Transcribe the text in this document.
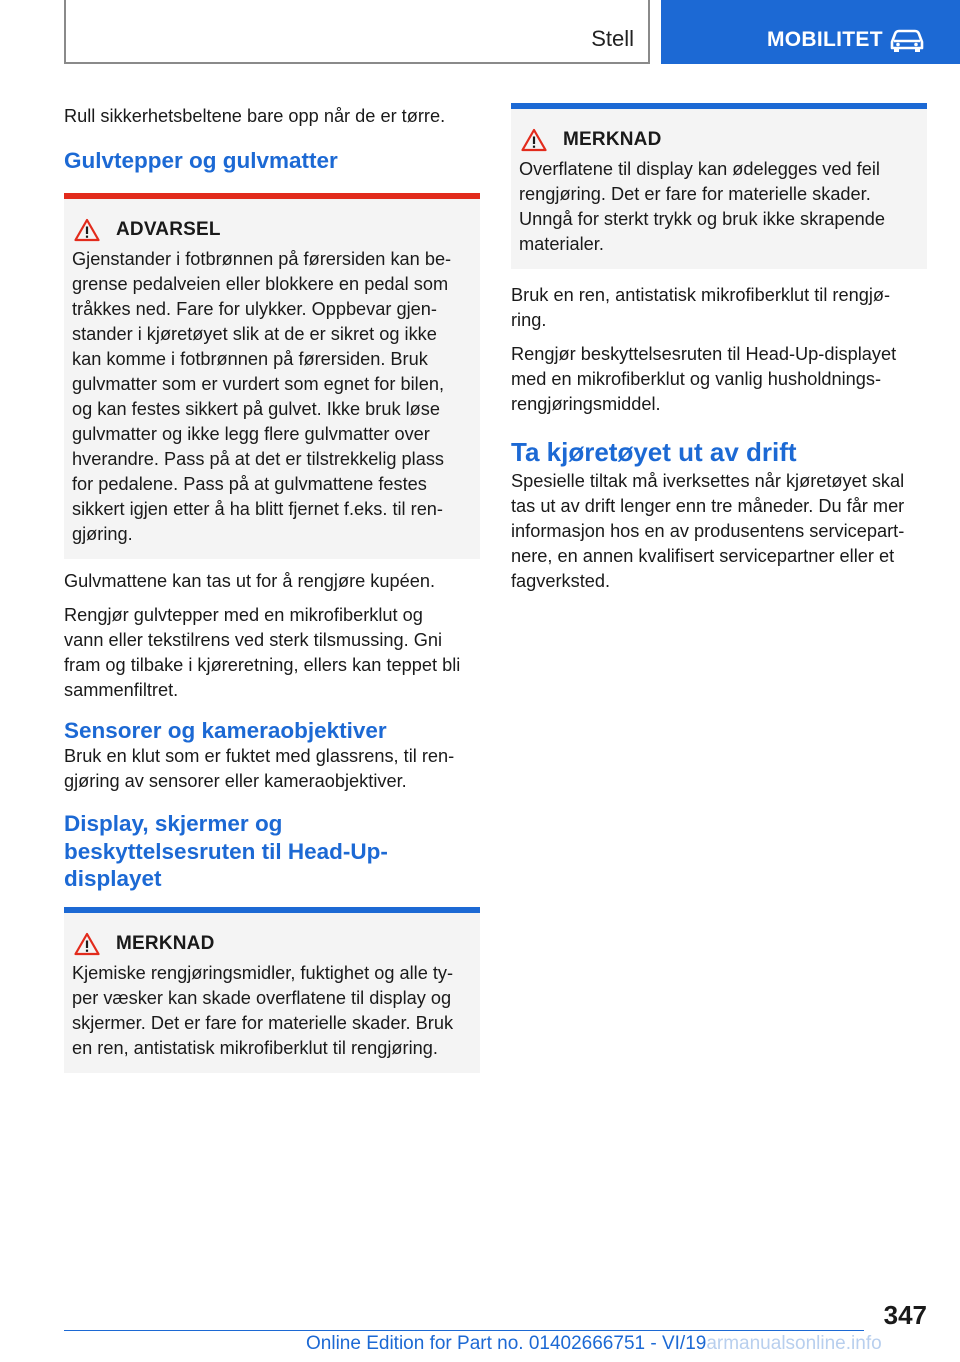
Stell	MOBILITET

Rull sikkerhetsbeltene bare opp når de er tørre.

Gulvtepper og gulvmatter
ADVARSEL

Gjenstander i fotbrønnen på førersiden kan be-
grense pedalveien eller blokkere en pedal som
tråkkes ned. Fare for ulykker. Oppbevar gjen-
stander i kjøretøyet slik at de er sikret og ikke
kan komme i fotbrønnen på førersiden. Bruk
gulvmatter som er vurdert som egnet for bilen,
og kan festes sikkert på gulvet. Ikke bruk løse
gulvmatter og ikke legg flere gulvmatter over
hverandre. Pass på at det er tilstrekkelig plass
for pedalene. Pass på at gulvmattene festes
sikkert igjen etter å ha blitt fjernet f.eks. til ren-
gjøring.

Gulvmattene kan tas ut for å rengjøre kupéen.

Rengjør gulvtepper med en mikrofiberklut og
vann eller tekstilrens ved sterk tilsmussing. Gni
fram og tilbake i kjøreretning, ellers kan teppet bli
sammenfiltret.

Sensorer og kameraobjektiver

Bruk en klut som er fuktet med glassrens, til ren-
gjøring av sensorer eller kameraobjektiver.

Display, skjermer og
beskyttelsesruten til Head-Up-
displayet
MERKNAD

Kjemiske rengjøringsmidler, fuktighet og alle ty-
per væsker kan skade overflatene til display og
skjermer. Det er fare for materielle skader. Bruk
en ren, antistatisk mikrofiberklut til rengjøring.

MERKNAD

Overflatene til display kan ødelegges ved feil
rengjøring. Det er fare for materielle skader.
Unngå for sterkt trykk og bruk ikke skrapende
materialer.

Bruk en ren, antistatisk mikrofiberklut til rengjø-
ring.

Rengjør beskyttelsesruten til Head-Up-displayet
med en mikrofiberklut og vanlig husholdnings-
rengjøringsmiddel.

Ta kjøretøyet ut av drift

Spesielle tiltak må iverksettes når kjøretøyet skal
tas ut av drift lenger enn tre måneder. Du får mer
informasjon hos en av produsentens servicepart-
nere, en annen kvalifisert servicepartner eller et
fagverksted.

347
Online Edition for Part no. 01402666751 - VI/19armanualsonline.info
